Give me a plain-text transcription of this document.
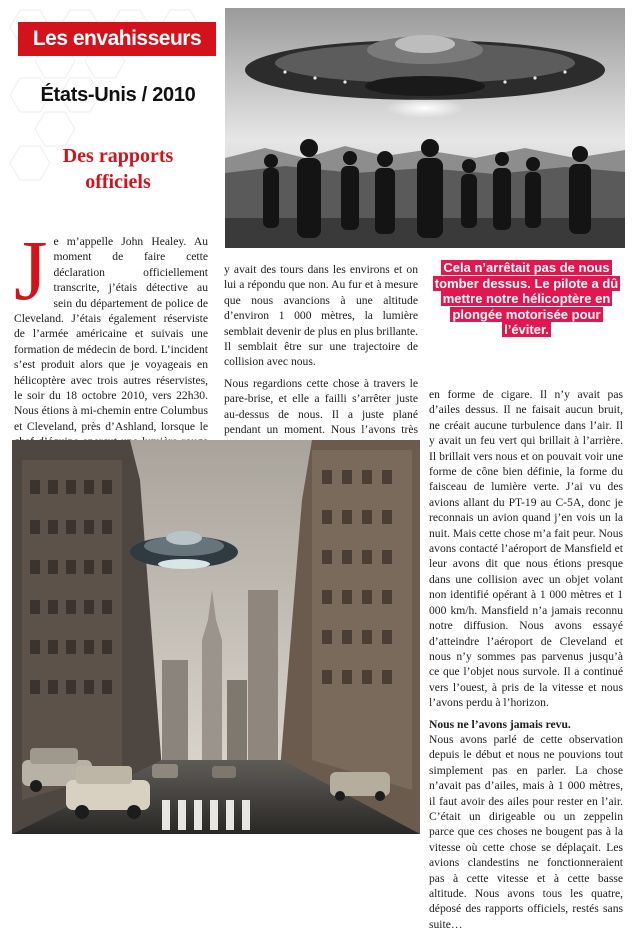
Les envahisseurs
États-Unis / 2010
Des rapports
officiels

Je m’appelle John Healey. Au moment de faire cette déclaration officiellement transcrite, j’étais détective au sein du département de police de Cleveland. J’étais également réserviste de l’armée américaine et suivais une formation de médecin de bord. L’incident s’est produit alors que je voyageais en hélicoptère avec trois autres réservistes, le soir du 18 octobre 2010, vers 22h30. Nous étions à mi-chemin entre Columbus et Cleveland, près d’Ashland, lorsque le

y avait des tours dans les environs et on lui a répondu que non. Au fur et à mesure que nous avancions à une altitude d’environ 1 000 mètres, la lumière semblait devenir de plus en plus brillante. Il semblait être sur une trajectoire de collision avec nous.

Nous regardions cette chose à travers le pare-brise, et elle a failli s’arrêter juste au-dessus de nous. Il a juste plané pendant un moment. Nous l’avons très

Cela n’arrêtait pas de nous tomber dessus. Le pilote a dû mettre notre hélicoptère en plongée motorisée pour l’éviter.

en forme de cigare. Il n’y avait pas d’ailes dessus. Il ne faisait aucun bruit, ne créait aucune turbulence dans l’air. Il y avait un feu vert qui brillait à l’arrière. Il brillait vers nous et on pouvait voir une forme de cône bien définie, la forme du faisceau de lumière verte. J’ai vu des avions allant du PT-19 au C-5A, donc je reconnais un avion quand j’en vois un la nuit. Mais cette chose m’a fait peur. Nous avons contacté l’aéroport de Mansfield et leur avons dit que nous étions presque dans une collision avec un objet volant non identifié opérant à 1 000 mètres et 1 000 km/h. Mansfield n’a jamais reconnu notre diffusion. Nous avons essayé d’atteindre l’aéroport de Cleveland et nous n’y sommes pas parvenus jusqu’à ce que l’objet nous survole. Il a continué vers l’ouest, à pris de la vitesse et nous l’avons perdu à l’horizon.

Nous ne l’avons jamais revu.

Nous avons parlé de cette observation depuis le début et nous ne pouvions tout simplement pas en parler. La chose n’avait pas d’ailes, mais à 1 000 mètres, il faut avoir des ailes pour rester en l’air. C’était un dirigeable ou un zeppelin parce que ces choses ne bougent pas à la vitesse où cette chose se déplaçait. Les avions clandestins ne fonctionneraient pas à cette vitesse et à cette basse altitude. Nous avons tous les quatre, déposé des rapports officiels, restés sans suite…
